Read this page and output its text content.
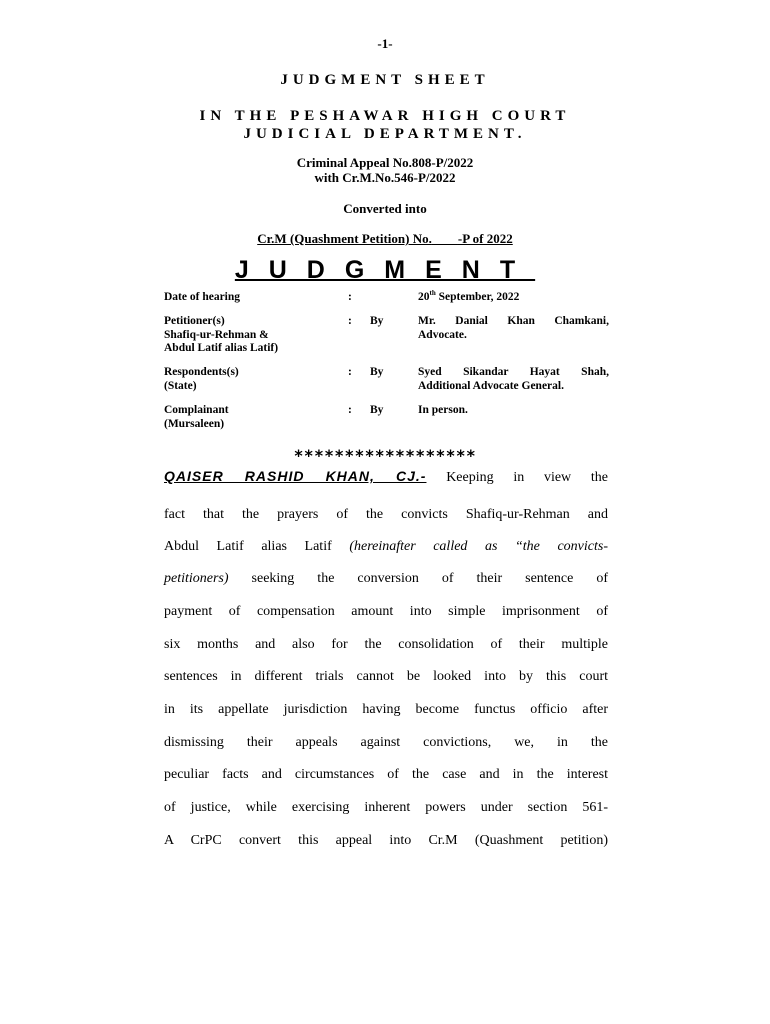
-1-
JUDGMENT SHEET
IN THE PESHAWAR HIGH COURT
JUDICIAL DEPARTMENT.
Criminal Appeal No.808-P/2022
with Cr.M.No.546-P/2022
Converted into
Cr.M (Quashment Petition) No.____-P of 2022
JUDGMENT
Date of hearing	:	20th September, 2022
Petitioner(s)
Shafiq-ur-Rehman &
Abdul Latif alias Latif)
: By	Mr. Danial Khan Chamkani,
Advocate.
Respondents(s)
(State)
: By	Syed Sikandar Hayat Shah,
Additional Advocate General.
Complainant
(Mursaleen)
: By	In person.
******************
QAISER RASHID KHAN, CJ.- Keeping in view the
fact that the prayers of the convicts Shafiq-ur-Rehman and
Abdul Latif alias Latif (hereinafter called as “the convicts-
petitioners) seeking the conversion of their sentence of
payment of compensation amount into simple imprisonment of
six months and also for the consolidation of their multiple
sentences in different trials cannot be looked into by this court
in its appellate jurisdiction having become functus officio after
dismissing their appeals against convictions, we, in the
peculiar facts and circumstances of the case and in the interest
of justice, while exercising inherent powers under section 561-
A CrPC convert this appeal into Cr.M (Quashment petition)
